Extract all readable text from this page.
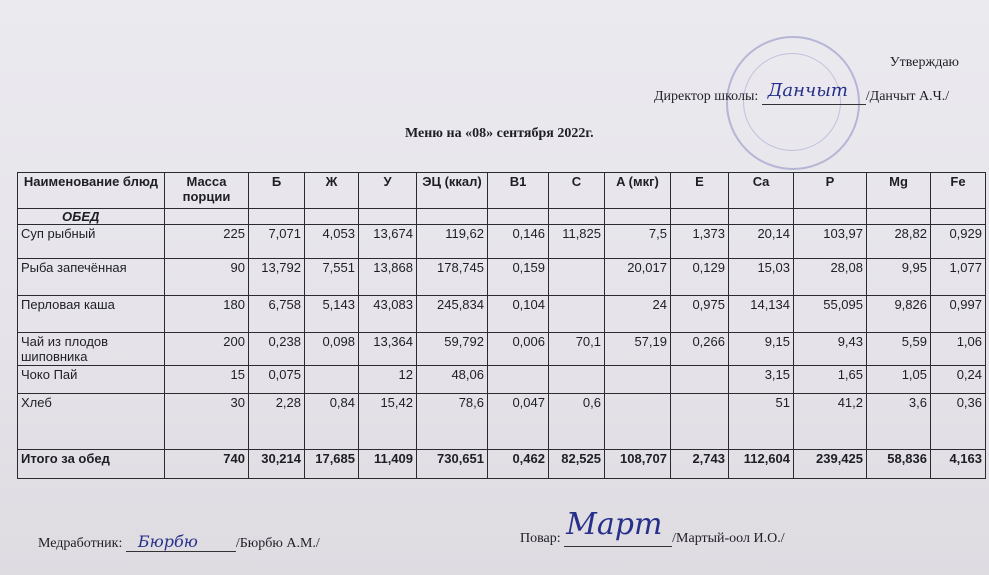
Утверждаю
Директор школы: Данчыт /Данчыт А.Ч./
Меню на «08» сентября 2022г.
Наименование блюд	Масса порции	Б	Ж	У	ЭЦ (ккал)	B1	C	A (мкг)	E	Ca	P	Mg	Fe
ОБЕД													
Суп рыбный	225	7,071	4,053	13,674	119,62	0,146	11,825	7,5	1,373	20,14	103,97	28,82	0,929
Рыба запечённая	90	13,792	7,551	13,868	178,745	0,159		20,017	0,129	15,03	28,08	9,95	1,077
Перловая каша	180	6,758	5,143	43,083	245,834	0,104		24	0,975	14,134	55,095	9,826	0,997
Чай из плодов шиповника	200	0,238	0,098	13,364	59,792	0,006	70,1	57,19	0,266	9,15	9,43	5,59	1,06
Чоко Пай	15	0,075		12	48,06					3,15	1,65	1,05	0,24
Хлеб	30	2,28	0,84	15,42	78,6	0,047	0,6			51	41,2	3,6	0,36
Итого за обед	740	30,214	17,685	11,409	730,651	0,462	82,525	108,707	2,743	112,604	239,425	58,836	4,163
Медработник: Бюрбю	/Бюрбю А.М./	Повар: Март /Мартый-оол И.О./
